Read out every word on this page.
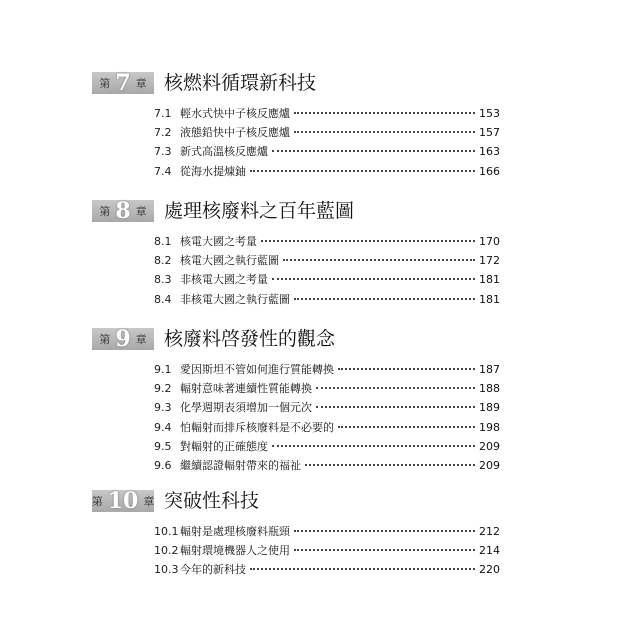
第 7 章 核燃料循環新科技
7.1 輕水式快中子核反應爐	153
7.2 液態鉛快中子核反應爐	157
7.3 新式高溫核反應爐	163
7.4 從海水提煉鈾	166
第 8 章 處理核廢料之百年藍圖
8.1 核電大國之考量	170
8.2 核電大國之執行藍圖	172
8.3 非核電大國之考量	181
8.4 非核電大國之執行藍圖	181
第 9 章 核廢料啓發性的觀念
9.1 愛因斯坦不管如何進行質能轉換	187
9.2 輻射意味著連續性質能轉換	188
9.3 化學週期表須增加一個元次	189
9.4 怕輻射而排斥核廢料是不必要的	198
9.5 對輻射的正確態度	209
9.6 繼續認證輻射帶來的福祉	209
第 10 章 突破性科技
10.1 輻射是處理核廢料瓶頸	212
10.2 輻射環境機器人之使用	214
10.3 今年的新科技	220
